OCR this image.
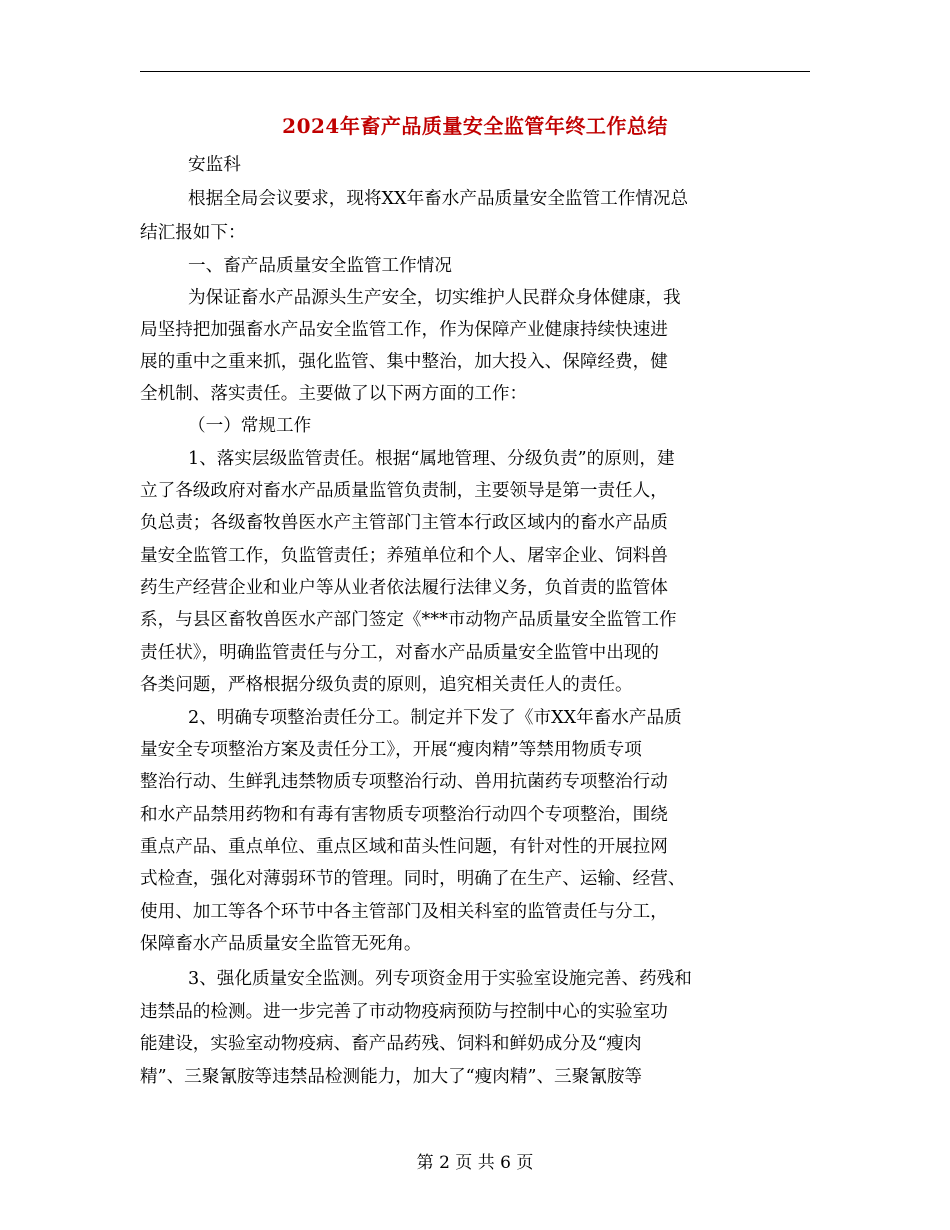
2024年畜产品质量安全监管年终工作总结
安监科
根据全局会议要求，现将XX年畜水产品质量安全监管工作情况总
结汇报如下：
一、畜产品质量安全监管工作情况
为保证畜水产品源头生产安全，切实维护人民群众身体健康，我
局坚持把加强畜水产品安全监管工作，作为保障产业健康持续快速进
展的重中之重来抓，强化监管、集中整治，加大投入、保障经费，健
全机制、落实责任。主要做了以下两方面的工作：
（一）常规工作
1、落实层级监管责任。根据“属地管理、分级负责”的原则，建
立了各级政府对畜水产品质量监管负责制，主要领导是第一责任人，
负总责；各级畜牧兽医水产主管部门主管本行政区域内的畜水产品质
量安全监管工作，负监管责任；养殖单位和个人、屠宰企业、饲料兽
药生产经营企业和业户等从业者依法履行法律义务，负首责的监管体
系，与县区畜牧兽医水产部门签定《***市动物产品质量安全监管工作
责任状》，明确监管责任与分工，对畜水产品质量安全监管中出现的
各类问题，严格根据分级负责的原则，追究相关责任人的责任。
2、明确专项整治责任分工。制定并下发了《市XX年畜水产品质
量安全专项整治方案及责任分工》，开展“瘦肉精”等禁用物质专项
整治行动、生鲜乳违禁物质专项整治行动、兽用抗菌药专项整治行动
和水产品禁用药物和有毒有害物质专项整治行动四个专项整治，围绕
重点产品、重点单位、重点区域和苗头性问题，有针对性的开展拉网
式检查，强化对薄弱环节的管理。同时，明确了在生产、运输、经营、
使用、加工等各个环节中各主管部门及相关科室的监管责任与分工，
保障畜水产品质量安全监管无死角。
3、强化质量安全监测。列专项资金用于实验室设施完善、药残和
违禁品的检测。进一步完善了市动物疫病预防与控制中心的实验室功
能建设，实验室动物疫病、畜产品药残、饲料和鲜奶成分及“瘦肉
精”、三聚氰胺等违禁品检测能力，加大了“瘦肉精”、三聚氰胺等
第 2 页 共 6 页
